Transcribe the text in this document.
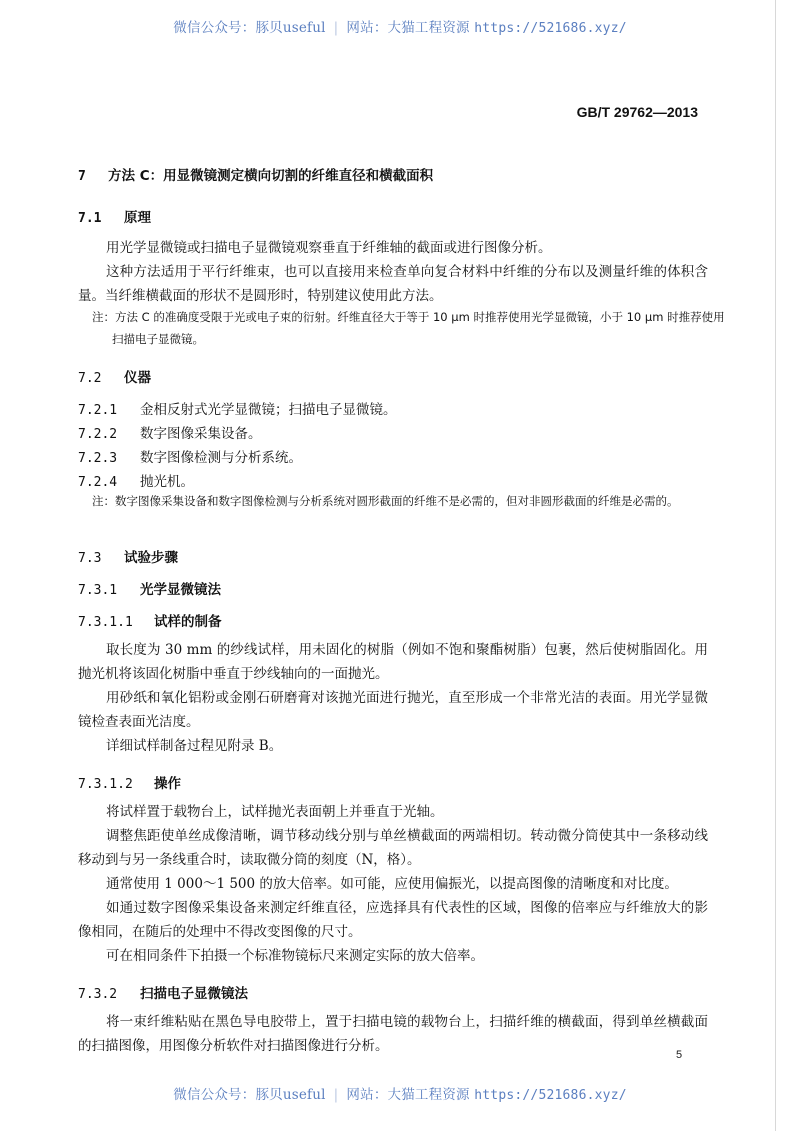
微信公众号：豚贝useful | 网站：大猫工程资源 https://521686.xyz/
GB/T 29762—2013
7 方法 C：用显微镜测定横向切割的纤维直径和横截面积
7.1 原理
用光学显微镜或扫描电子显微镜观察垂直于纤维轴的截面或进行图像分析。
这种方法适用于平行纤维束，也可以直接用来检查单向复合材料中纤维的分布以及测量纤维的体积含量。当纤维横截面的形状不是圆形时，特别建议使用此方法。
注：方法 C 的准确度受限于光或电子束的衍射。纤维直径大于等于 10 μm 时推荐使用光学显微镜，小于 10 μm 时推荐使用扫描电子显微镜。
7.2 仪器
7.2.1 金相反射式光学显微镜；扫描电子显微镜。
7.2.2 数字图像采集设备。
7.2.3 数字图像检测与分析系统。
7.2.4 抛光机。
注：数字图像采集设备和数字图像检测与分析系统对圆形截面的纤维不是必需的，但对非圆形截面的纤维是必需的。
7.3 试验步骤
7.3.1 光学显微镜法
7.3.1.1 试样的制备
取长度为 30 mm 的纱线试样，用未固化的树脂（例如不饱和聚酯树脂）包裹，然后使树脂固化。用抛光机将该固化树脂中垂直于纱线轴向的一面抛光。
用砂纸和氧化铝粉或金刚石研磨膏对该抛光面进行抛光，直至形成一个非常光洁的表面。用光学显微镜检查表面光洁度。
详细试样制备过程见附录 B。
7.3.1.2 操作
将试样置于载物台上，试样抛光表面朝上并垂直于光轴。
调整焦距使单丝成像清晰，调节移动线分别与单丝横截面的两端相切。转动微分筒使其中一条移动线移动到与另一条线重合时，读取微分筒的刻度（N，格）。
通常使用 1 000～1 500 的放大倍率。如可能，应使用偏振光，以提高图像的清晰度和对比度。
如通过数字图像采集设备来测定纤维直径，应选择具有代表性的区域，图像的倍率应与纤维放大的影像相同，在随后的处理中不得改变图像的尺寸。
可在相同条件下拍摄一个标准物镜标尺来测定实际的放大倍率。
7.3.2 扫描电子显微镜法
将一束纤维粘贴在黑色导电胶带上，置于扫描电镜的载物台上，扫描纤维的横截面，得到单丝横截面的扫描图像，用图像分析软件对扫描图像进行分析。
5
微信公众号：豚贝useful | 网站：大猫工程资源 https://521686.xyz/
